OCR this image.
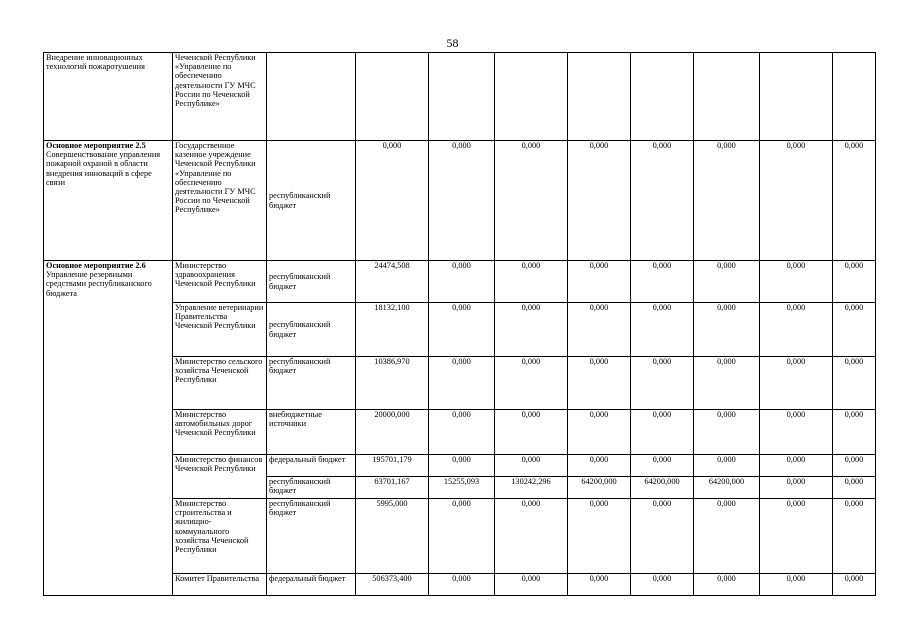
58
Внедрение инновационных технологий пожаротушения	Чеченской Республики «Управление по обеспечению деятельности ГУ МЧС России по Чеченской Республике»									

Основное мероприятие 2.5
Совершенствование управления пожарной охраной в области внедрения инноваций в сфере связи	Государственное казенное учреждение Чеченской Республики «Управление по обеспечению деятельности ГУ МЧС России по Чеченской Республике»	республиканский бюджет	0,000	0,000	0,000	0,000	0,000	0,000	0,000	0,000

Основное мероприятие 2.6
Управление резервными средствами республиканского бюджета	Министерство здравоохранения Чеченской Республики	республиканский бюджет	24474,508	0,000	0,000	0,000	0,000	0,000	0,000	0,000
	Управление ветеринарии Правительства Чеченской Республики	республиканский бюджет	18132,100	0,000	0,000	0,000	0,000	0,000	0,000	0,000
	Министерство сельского хозяйства Чеченской Республики	республиканский бюджет	10386,970	0,000	0,000	0,000	0,000	0,000	0,000	0,000
	Министерство автомобильных дорог Чеченской Республики	внебюджетные источники	20000,000	0,000	0,000	0,000	0,000	0,000	0,000	0,000
	Министерство финансов Чеченской Республики	федеральный бюджет	195701,179	0,000	0,000	0,000	0,000	0,000	0,000	0,000
		республиканский бюджет	63701,167	15255,093	130242,296	64200,000	64200,000	64200,000	0,000	0,000
	Министерство строительства и жилищно-коммунального хозяйства Чеченской Республики	республиканский бюджет	5995,000	0,000	0,000	0,000	0,000	0,000	0,000	0,000
	Комитет Правительства	федеральный бюджет	506373,400	0,000	0,000	0,000	0,000	0,000	0,000	0,000
